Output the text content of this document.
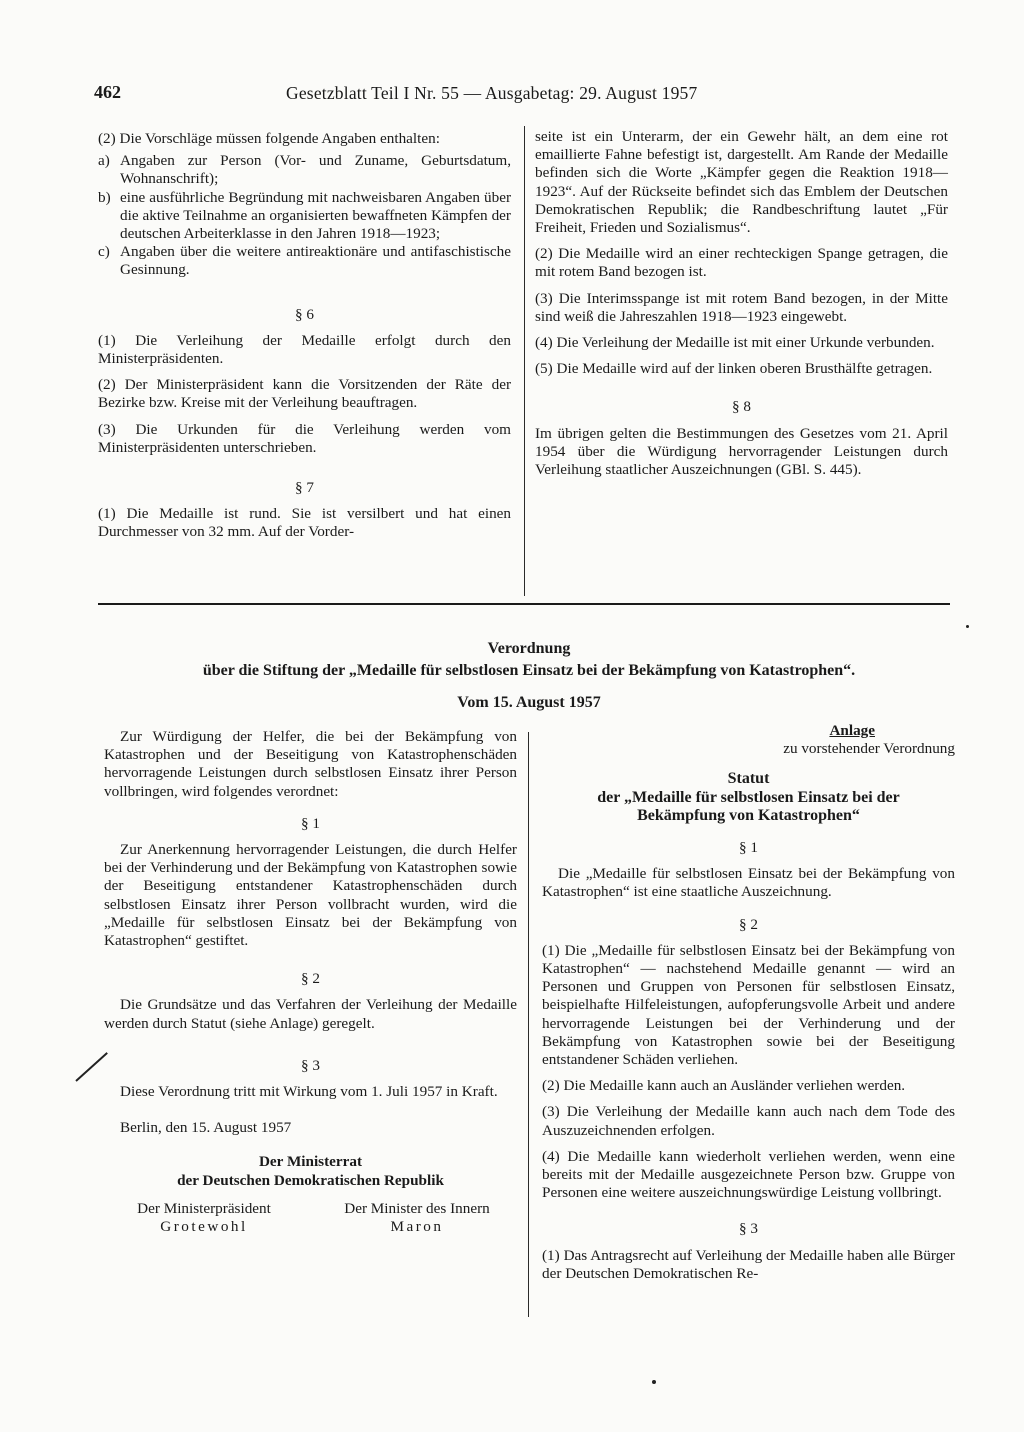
462	Gesetzblatt Teil I Nr. 55 — Ausgabetag: 29. August 1957

(2) Die Vorschläge müssen folgende Angaben enthalten:

a) Angaben zur Person (Vor- und Zuname, Geburtsdatum, Wohnanschrift);
b) eine ausführliche Begründung mit nachweisbaren Angaben über die aktive Teilnahme an organisierten bewaffneten Kämpfen der deutschen Arbeiterklasse in den Jahren 1918—1923;
c) Angaben über die weitere antireaktionäre und antifaschistische Gesinnung.

§ 6

(1) Die Verleihung der Medaille erfolgt durch den Ministerpräsidenten.

(2) Der Ministerpräsident kann die Vorsitzenden der Räte der Bezirke bzw. Kreise mit der Verleihung beauftragen.

(3) Die Urkunden für die Verleihung werden vom Ministerpräsidenten unterschrieben.

§ 7

(1) Die Medaille ist rund. Sie ist versilbert und hat einen Durchmesser von 32 mm. Auf der Vorder-

seite ist ein Unterarm, der ein Gewehr hält, an dem eine rot emaillierte Fahne befestigt ist, dargestellt. Am Rande der Medaille befinden sich die Worte „Kämpfer gegen die Reaktion 1918—1923“. Auf der Rückseite befindet sich das Emblem der Deutschen Demokratischen Republik; die Randbeschriftung lautet „Für Freiheit, Frieden und Sozialismus“.

(2) Die Medaille wird an einer rechteckigen Spange getragen, die mit rotem Band bezogen ist.

(3) Die Interimsspange ist mit rotem Band bezogen, in der Mitte sind weiß die Jahreszahlen 1918—1923 eingewebt.

(4) Die Verleihung der Medaille ist mit einer Urkunde verbunden.

(5) Die Medaille wird auf der linken oberen Brusthälfte getragen.

§ 8

Im übrigen gelten die Bestimmungen des Gesetzes vom 21. April 1954 über die Würdigung hervorragender Leistungen durch Verleihung staatlicher Auszeichnungen (GBl. S. 445).

Verordnung
über die Stiftung der „Medaille für selbstlosen Einsatz bei der Bekämpfung von Katastrophen“.
Vom 15. August 1957

Zur Würdigung der Helfer, die bei der Bekämpfung von Katastrophen und der Beseitigung von Katastrophenschäden hervorragende Leistungen durch selbstlosen Einsatz ihrer Person vollbringen, wird folgendes verordnet:

§ 1

Zur Anerkennung hervorragender Leistungen, die durch Helfer bei der Verhinderung und der Bekämpfung von Katastrophen sowie der Beseitigung entstandener Katastrophenschäden durch selbstlosen Einsatz ihrer Person vollbracht wurden, wird die „Medaille für selbstlosen Einsatz bei der Bekämpfung von Katastrophen“ gestiftet.

§ 2

Die Grundsätze und das Verfahren der Verleihung der Medaille werden durch Statut (siehe Anlage) geregelt.

§ 3

Diese Verordnung tritt mit Wirkung vom 1. Juli 1957 in Kraft.

Berlin, den 15. August 1957

Der Ministerrat

der Deutschen Demokratischen Republik

Der Ministerpräsident
Grotewohl
Der Minister des Innern
Maron
Anlage
zu vorstehender Verordnung
Statut
der „Medaille für selbstlosen Einsatz bei der
Bekämpfung von Katastrophen“

§ 1

Die „Medaille für selbstlosen Einsatz bei der Bekämpfung von Katastrophen“ ist eine staatliche Auszeichnung.

§ 2

(1) Die „Medaille für selbstlosen Einsatz bei der Bekämpfung von Katastrophen“ — nachstehend Medaille genannt — wird an Personen und Gruppen von Personen für selbstlosen Einsatz, beispielhafte Hilfeleistungen, aufopferungsvolle Arbeit und andere hervorragende Leistungen bei der Verhinderung und der Bekämpfung von Katastrophen sowie bei der Beseitigung entstandener Schäden verliehen.

(2) Die Medaille kann auch an Ausländer verliehen werden.

(3) Die Verleihung der Medaille kann auch nach dem Tode des Auszuzeichnenden erfolgen.

(4) Die Medaille kann wiederholt verliehen werden, wenn eine bereits mit der Medaille ausgezeichnete Person bzw. Gruppe von Personen eine weitere auszeichnungswürdige Leistung vollbringt.

§ 3

(1) Das Antragsrecht auf Verleihung der Medaille haben alle Bürger der Deutschen Demokratischen Re-
